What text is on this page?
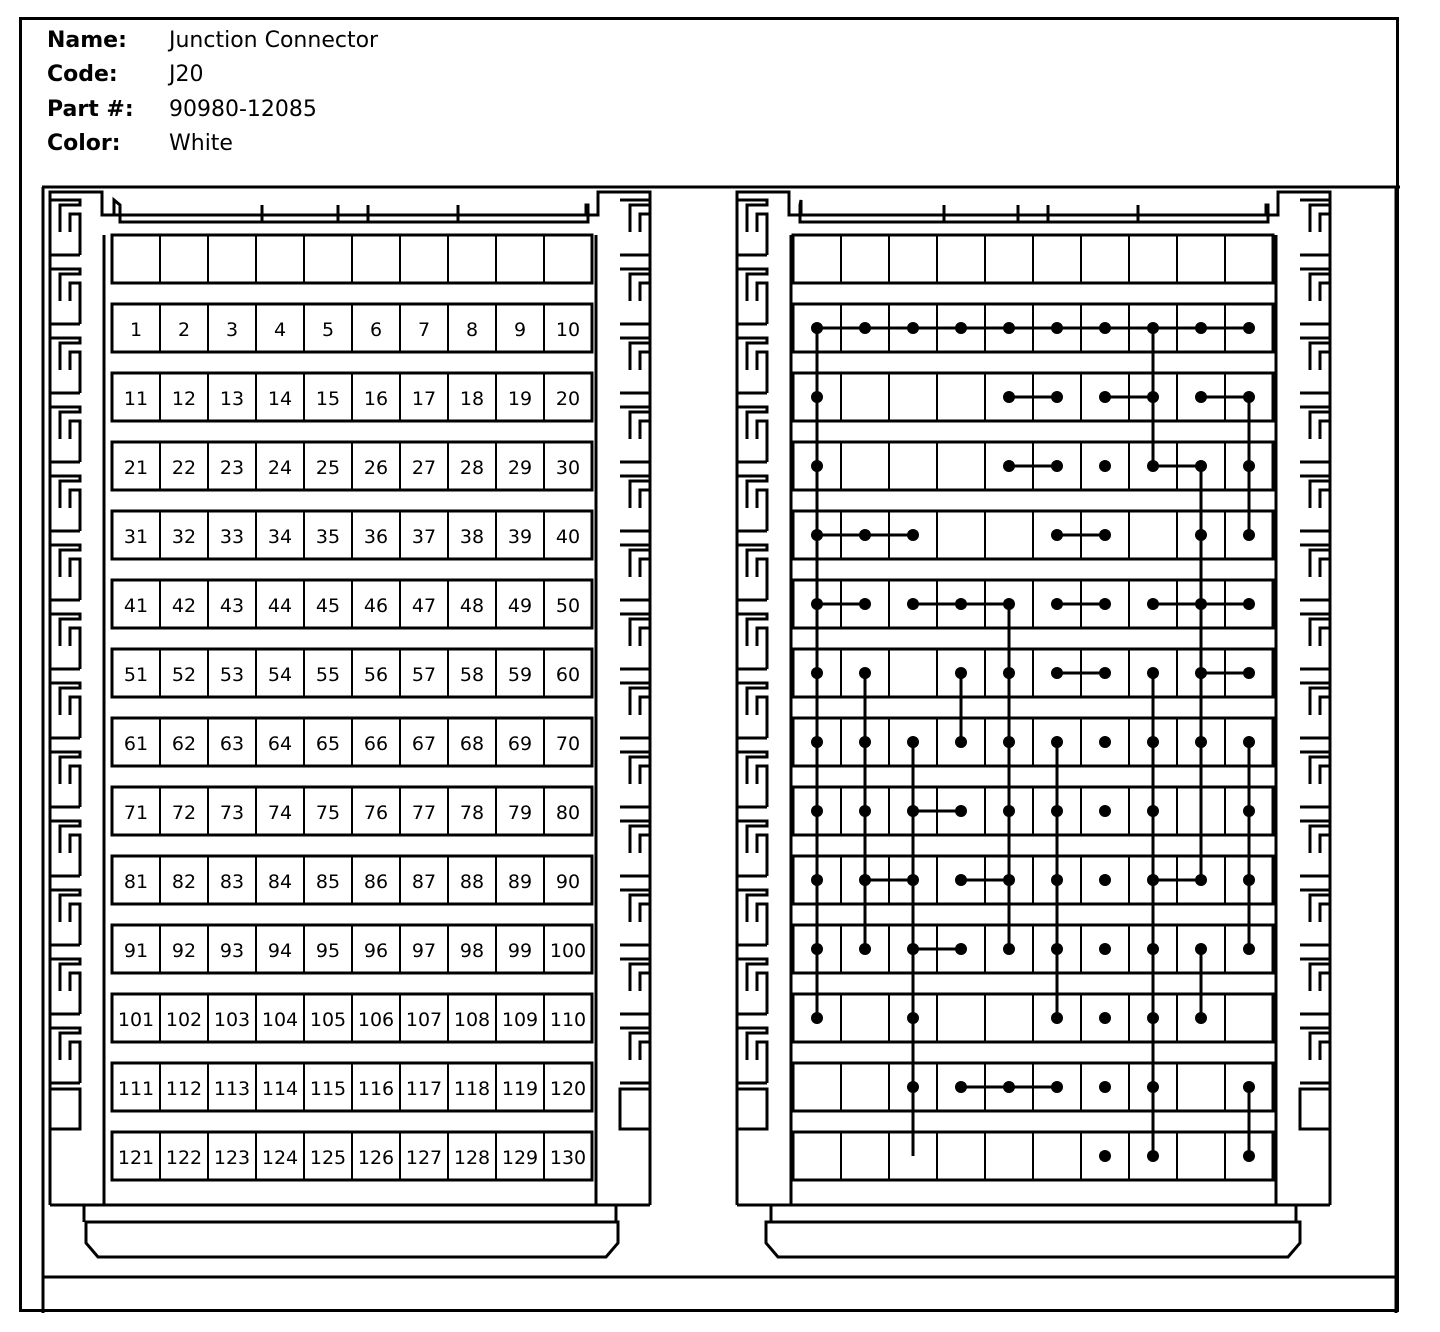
Name: Junction Connector
Code: J20
Part #: 90980-12085
Color: White
1 2 3 4 5 6 7 8 9 10
11 12 13 14 15 16 17 18 19 20
21 22 23 24 25 26 27 28 29 30
31 32 33 34 35 36 37 38 39 40
41 42 43 44 45 46 47 48 49 50
51 52 53 54 55 56 57 58 59 60
61 62 63 64 65 66 67 68 69 70
71 72 73 74 75 76 77 78 79 80
81 82 83 84 85 86 87 88 89 90
91 92 93 94 95 96 97 98 99 100
101 102 103 104 105 106 107 108 109 110
111 112 113 114 115 116 117 118 119 120
121 122 123 124 125 126 127 128 129 130
